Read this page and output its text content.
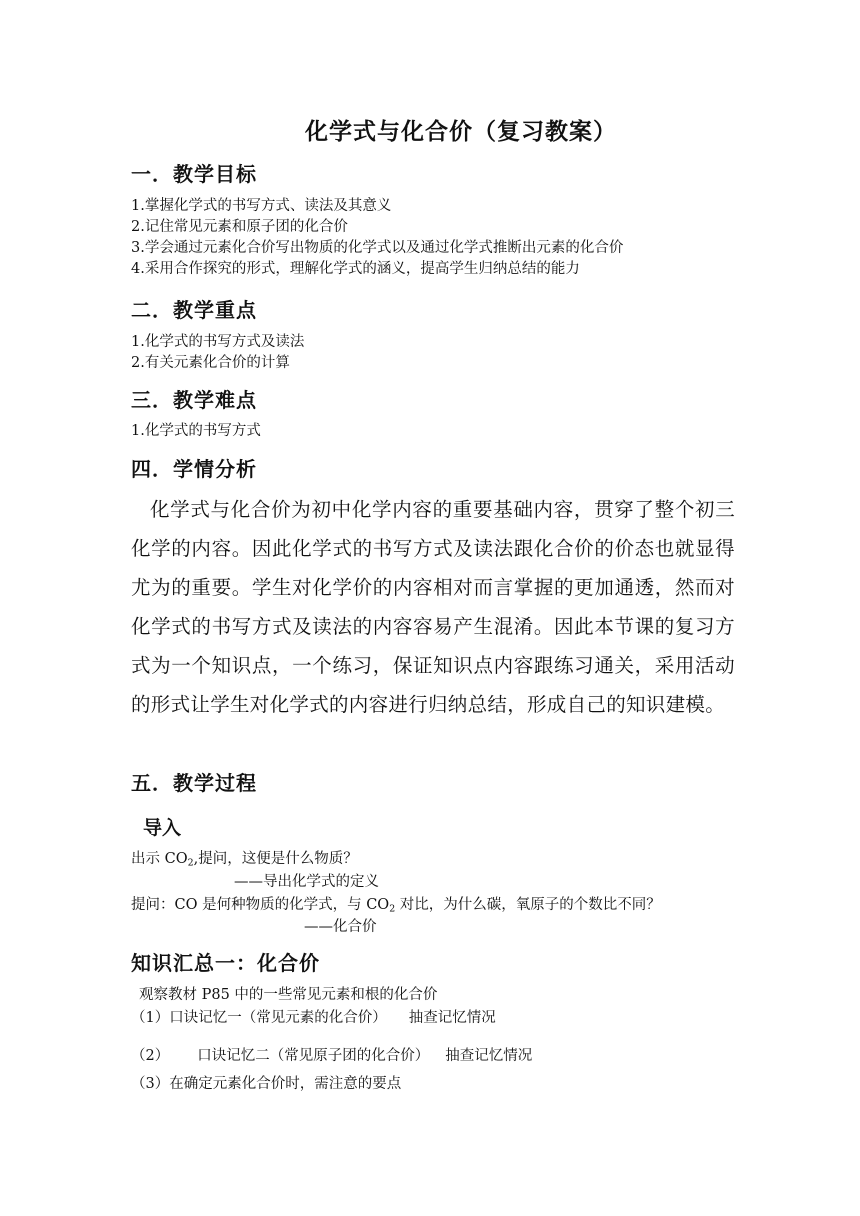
化学式与化合价（复习教案）
一．教学目标
1.掌握化学式的书写方式、读法及其意义
2.记住常见元素和原子团的化合价
3.学会通过元素化合价写出物质的化学式以及通过化学式推断出元素的化合价
4.采用合作探究的形式，理解化学式的涵义，提高学生归纳总结的能力
二．教学重点
1.化学式的书写方式及读法
2.有关元素化合价的计算
三．教学难点
1.化学式的书写方式
四．学情分析

化学式与化合价为初中化学内容的重要基础内容，贯穿了整个初三化学的内容。因此化学式的书写方式及读法跟化合价的价态也就显得尤为的重要。学生对化学价的内容相对而言掌握的更加通透，然而对化学式的书写方式及读法的内容容易产生混淆。因此本节课的复习方式为一个知识点，一个练习，保证知识点内容跟练习通关，采用活动的形式让学生对化学式的内容进行归纳总结，形成自己的知识建模。

五．教学过程
导入
出示 $CO_2$,提问，这便是什么物质？
——导出化学式的定义
提问：CO 是何种物质的化学式，与 $CO_2$ 对比，为什么碳，氧原子的个数比不同？
——化合价
知识汇总一：化合价
观察教材 P85 中的一些常见元素和根的化合价
（1）口诀记忆一（常见元素的化合价） 抽查记忆情况
（2） 口诀记忆二（常见原子团的化合价） 抽查记忆情况
（3）在确定元素化合价时，需注意的要点
